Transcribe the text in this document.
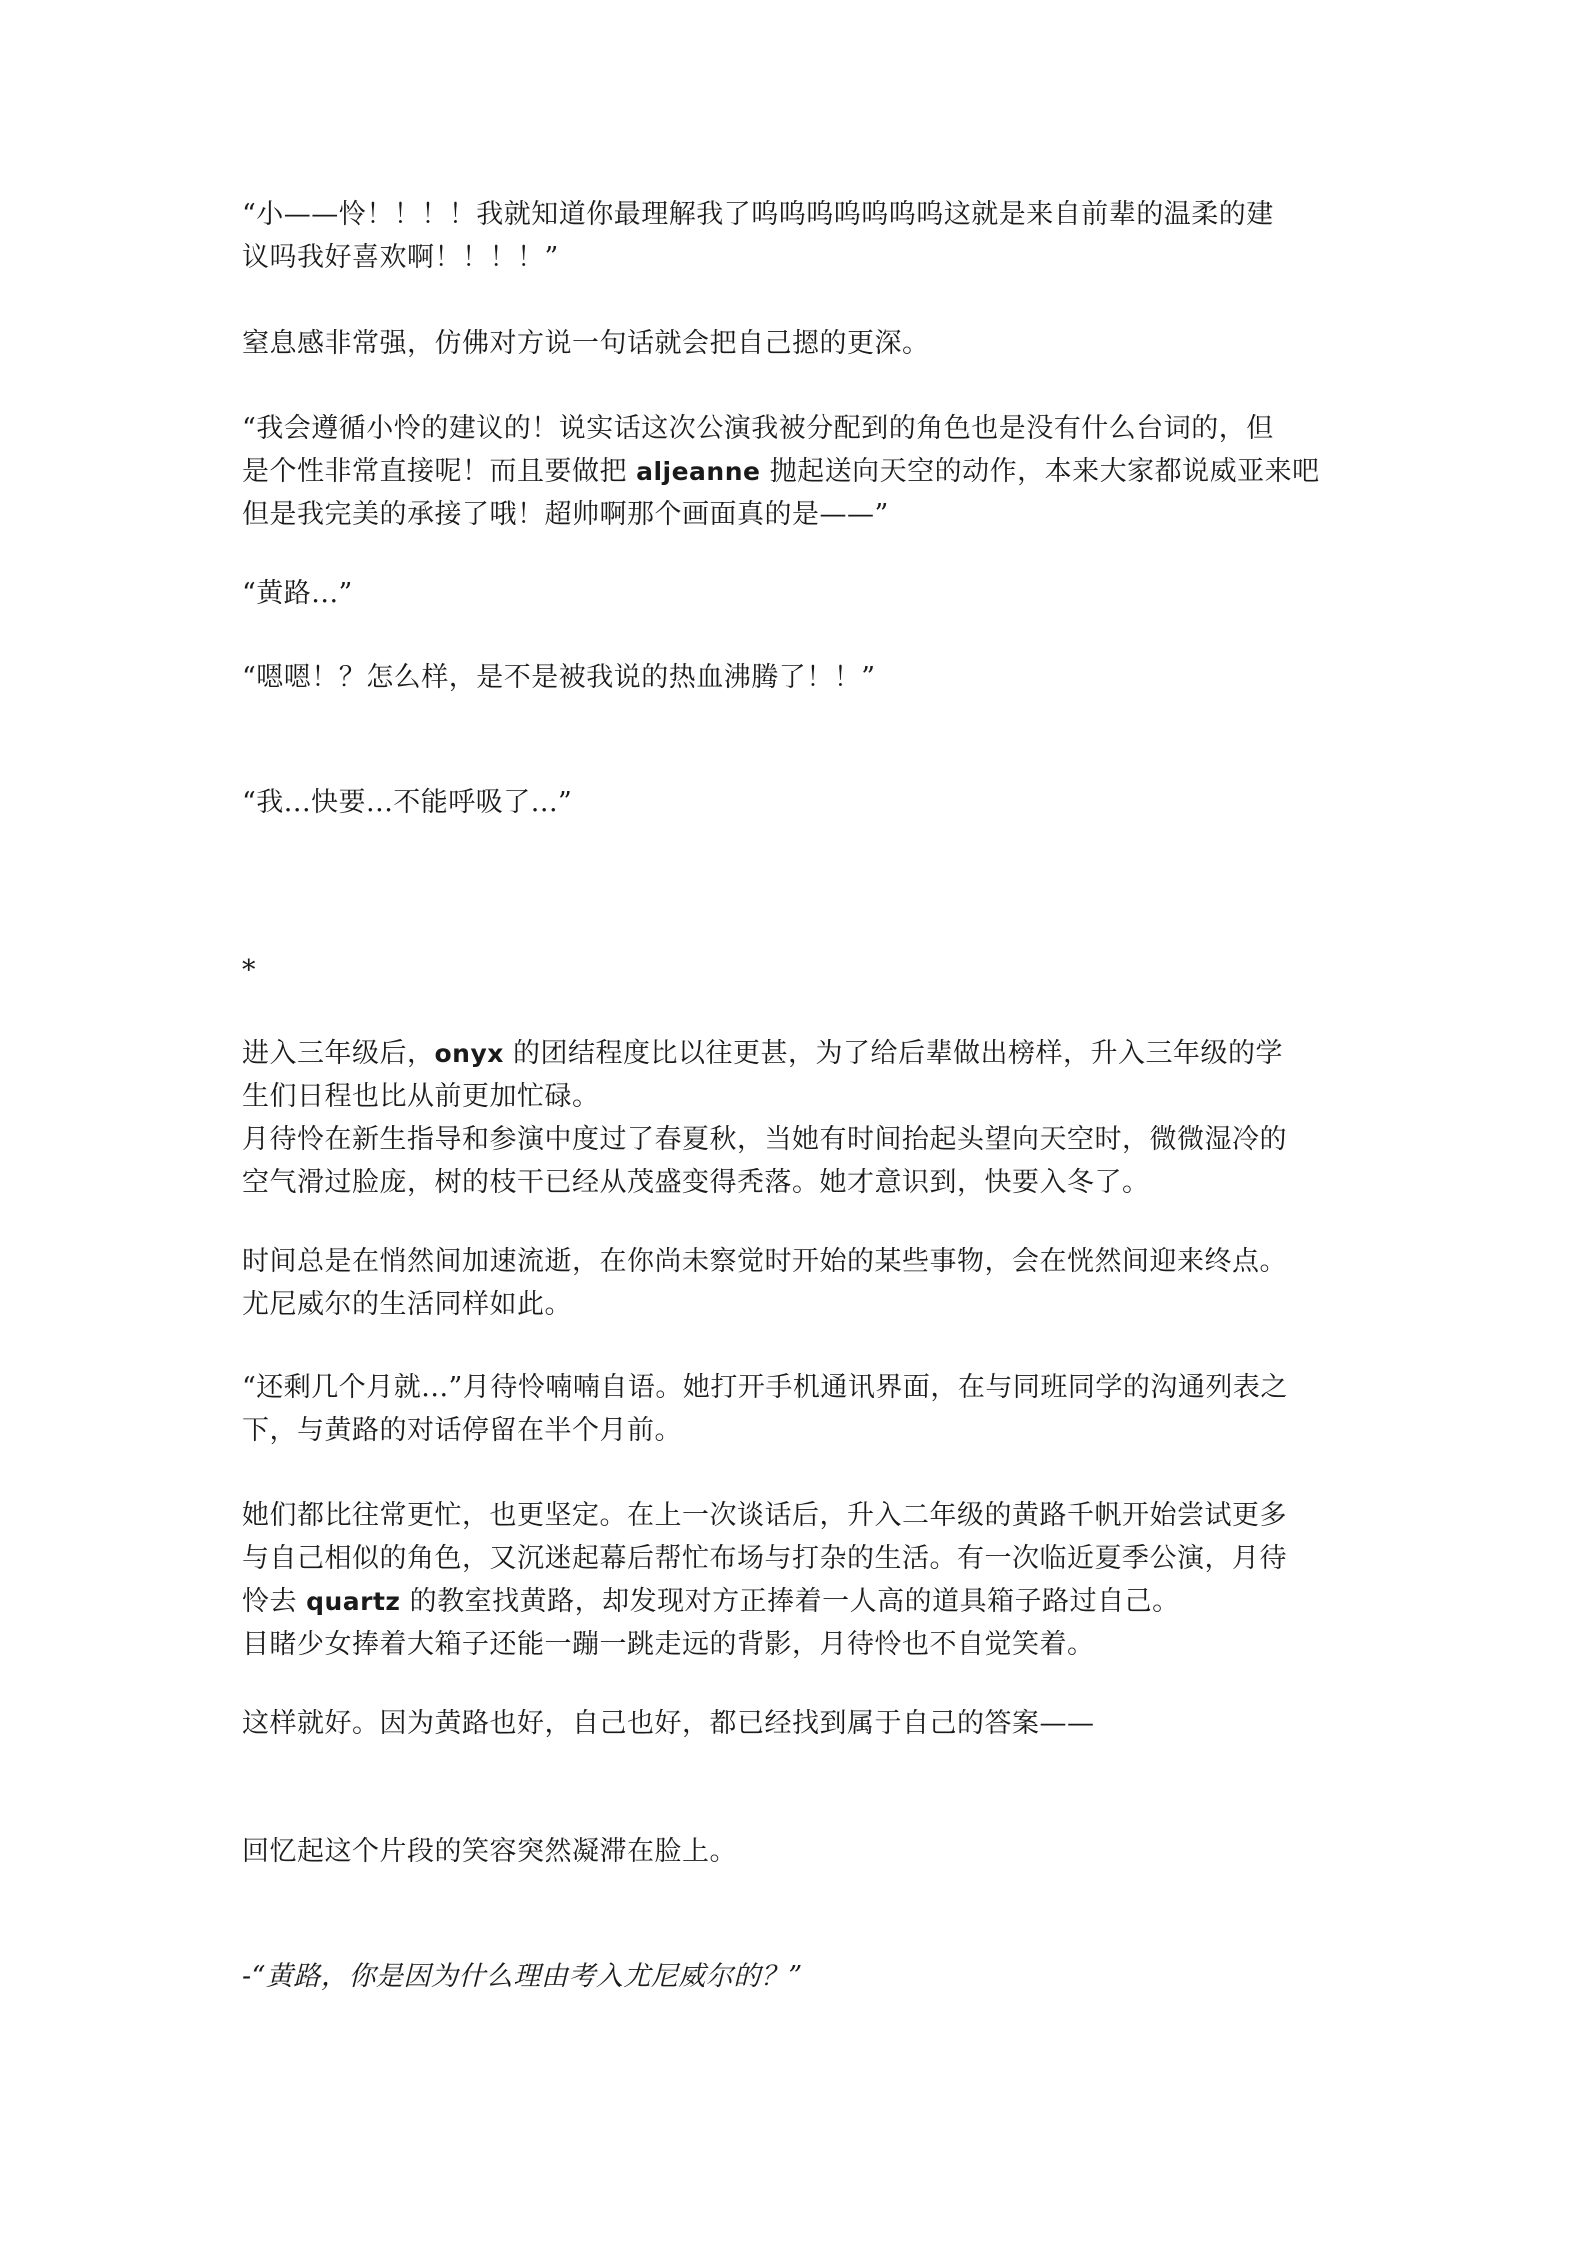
“小——怜！！！！我就知道你最理解我了呜呜呜呜呜呜呜这就是来自前辈的温柔的建
议吗我好喜欢啊！！！！”
窒息感非常强，仿佛对方说一句话就会把自己摁的更深。
“我会遵循小怜的建议的！说实话这次公演我被分配到的角色也是没有什么台词的，但
是个性非常直接呢！而且要做把 aljeanne 抛起送向天空的动作，本来大家都说威亚来吧
但是我完美的承接了哦！超帅啊那个画面真的是——”
“黄路...”
“嗯嗯！？怎么样，是不是被我说的热血沸腾了！！”
“我...快要...不能呼吸了...”
*
进入三年级后，onyx 的团结程度比以往更甚，为了给后辈做出榜样，升入三年级的学
生们日程也比从前更加忙碌。
月待怜在新生指导和参演中度过了春夏秋，当她有时间抬起头望向天空时，微微湿冷的
空气滑过脸庞，树的枝干已经从茂盛变得秃落。她才意识到，快要入冬了。
时间总是在悄然间加速流逝，在你尚未察觉时开始的某些事物，会在恍然间迎来终点。
尤尼威尔的生活同样如此。
“还剩几个月就...”月待怜喃喃自语。她打开手机通讯界面，在与同班同学的沟通列表之
下，与黄路的对话停留在半个月前。
她们都比往常更忙，也更坚定。在上一次谈话后，升入二年级的黄路千帆开始尝试更多
与自己相似的角色，又沉迷起幕后帮忙布场与打杂的生活。有一次临近夏季公演，月待
怜去 quartz 的教室找黄路，却发现对方正捧着一人高的道具箱子路过自己。
目睹少女捧着大箱子还能一蹦一跳走远的背影，月待怜也不自觉笑着。
这样就好。因为黄路也好，自己也好，都已经找到属于自己的答案——
回忆起这个片段的笑容突然凝滞在脸上。
-“黄路，你是因为什么理由考入尤尼威尔的？”
